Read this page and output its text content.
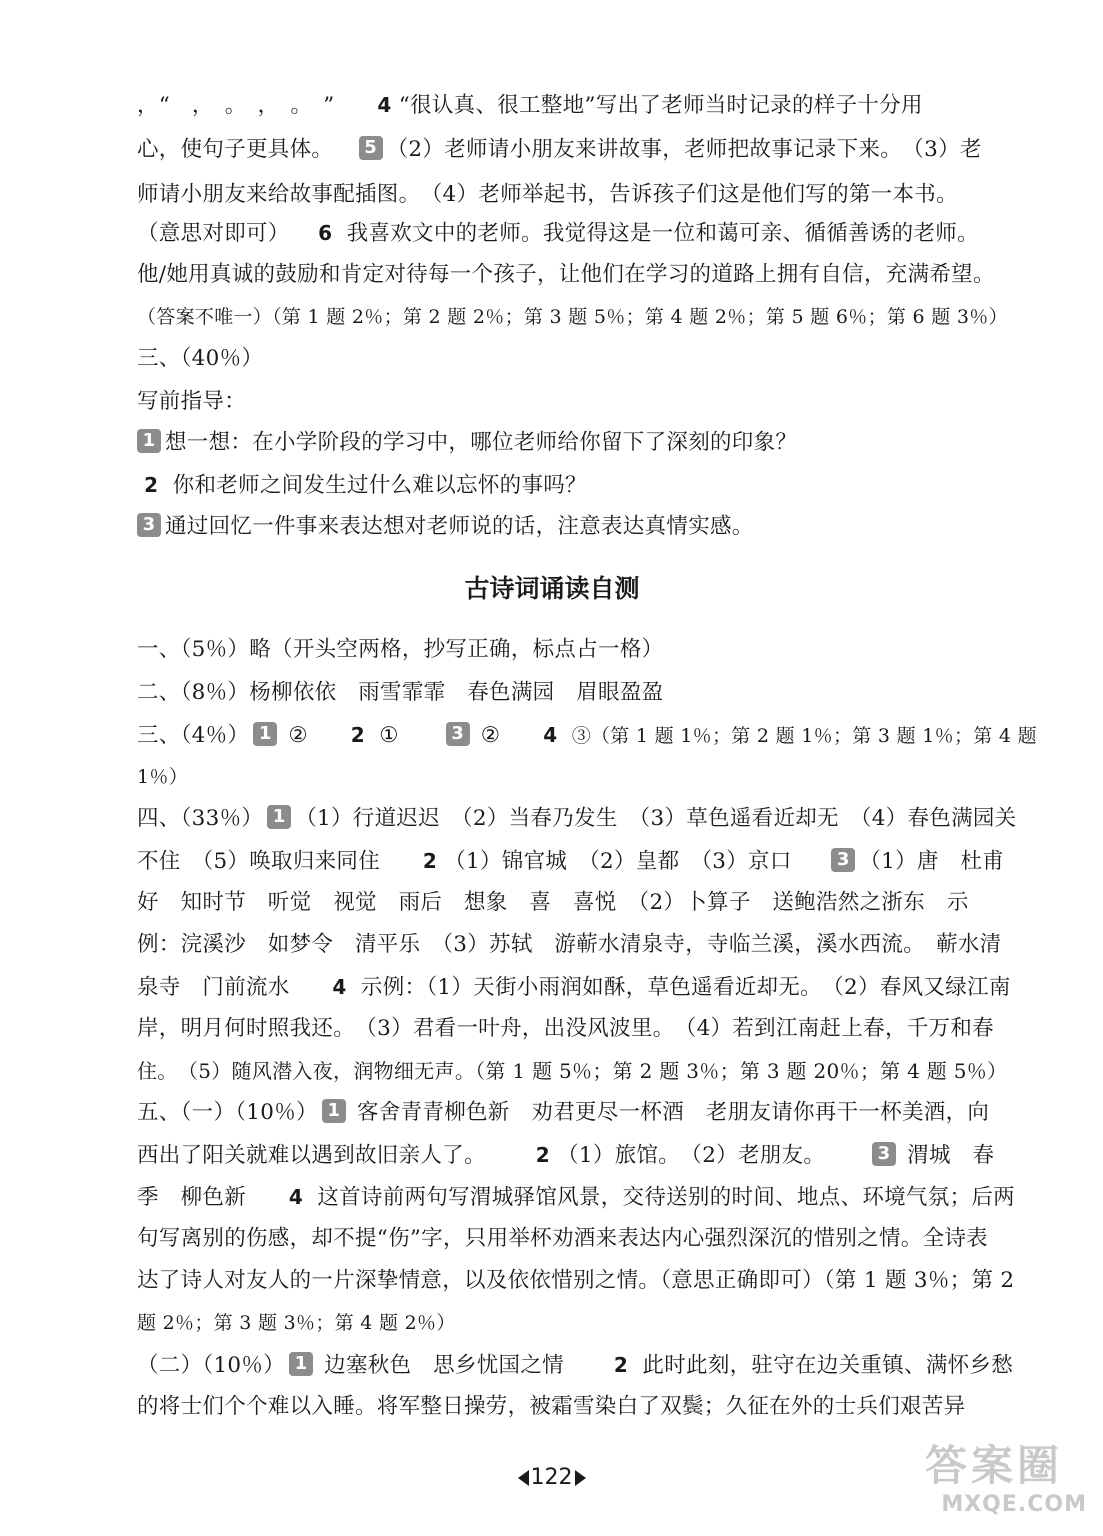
，“　，　。　，　。　” 4 “很认真、很工整地”写出了老师当时记录的样子十分用
心，使句子更具体。 5 （2）老师请小朋友来讲故事，老师把故事记录下来。　（3）老
师请小朋友来给故事配插图。　（4）老师举起书，告诉孩子们这是他们写的第一本书。
（意思对即可） 6 我喜欢文中的老师。我觉得这是一位和蔼可亲、循循善诱的老师。
他/她用真诚的鼓励和肯定对待每一个孩子，让他们在学习的道路上拥有自信，充满希望。
（答案不唯一）（第 1 题 2％；第 2 题 2％；第 3 题 5％；第 4 题 2％；第 5 题 6％；第 6 题 3％）
三、（40％）
写前指导：
1 想一想：在小学阶段的学习中，哪位老师给你留下了深刻的印象？
2 你和老师之间发生过什么难以忘怀的事吗？
3 通过回忆一件事来表达想对老师说的话，注意表达真情实感。
古诗词诵读自测
一、（5％）略（开头空两格，抄写正确，标点占一格）
二、（8％）杨柳依依　雨雪霏霏　春色满园　眉眼盈盈
三、（4％） 1 ② 2 ①	3 ② 4 ③（第 1 题 1％；第 2 题 1％；第 3 题 1％；第 4 题
1％）
四、（33％） 1 （1）行道迟迟　（2）当春乃发生　（3）草色遥看近却无　（4）春色满园关
不住　（5）唤取归来同住 2 （1）锦官城　（2）皇都　（3）京口	3 （1）唐　杜甫
好　知时节　听觉　视觉　雨后　想象　喜　喜悦　（2）卜算子　送鲍浩然之浙东　示
例：浣溪沙　如梦令　清平乐　（3）苏轼　游蕲水清泉寺，寺临兰溪，溪水西流。　蕲水清
泉寺　门前流水 4 示例：（1）天街小雨润如酥，草色遥看近却无。　（2）春风又绿江南
岸，明月何时照我还。　（3）君看一叶舟，出没风波里。　（4）若到江南赶上春，千万和春
住。　（5）随风潜入夜，润物细无声。（第 1 题 5％；第 2 题 3％；第 3 题 20％；第 4 题 5％）
五、（一）（10％） 1 客舍青青柳色新　劝君更尽一杯酒　老朋友请你再干一杯美酒，向
西出了阳关就难以遇到故旧亲人了。 2 （1）旅馆。　（2）老朋友。	3 渭城　春
季　柳色新 4 这首诗前两句写渭城驿馆风景，交待送别的时间、地点、环境气氛；后两
句写离别的伤感，却不提“伤”字，只用举杯劝酒来表达内心强烈深沉的惜别之情。全诗表
达了诗人对友人的一片深挚情意，以及依依惜别之情。（意思正确即可）（第 1 题 3％；第 2
题 2％；第 3 题 3％；第 4 题 2％）
（二）（10％） 1 边塞秋色　思乡忧国之情 2 此时此刻，驻守在边关重镇、满怀乡愁
的将士们个个难以入睡。将军整日操劳，被霜雪染白了双鬓；久征在外的士兵们艰苦异
122	答案圈
MXQE.COM
